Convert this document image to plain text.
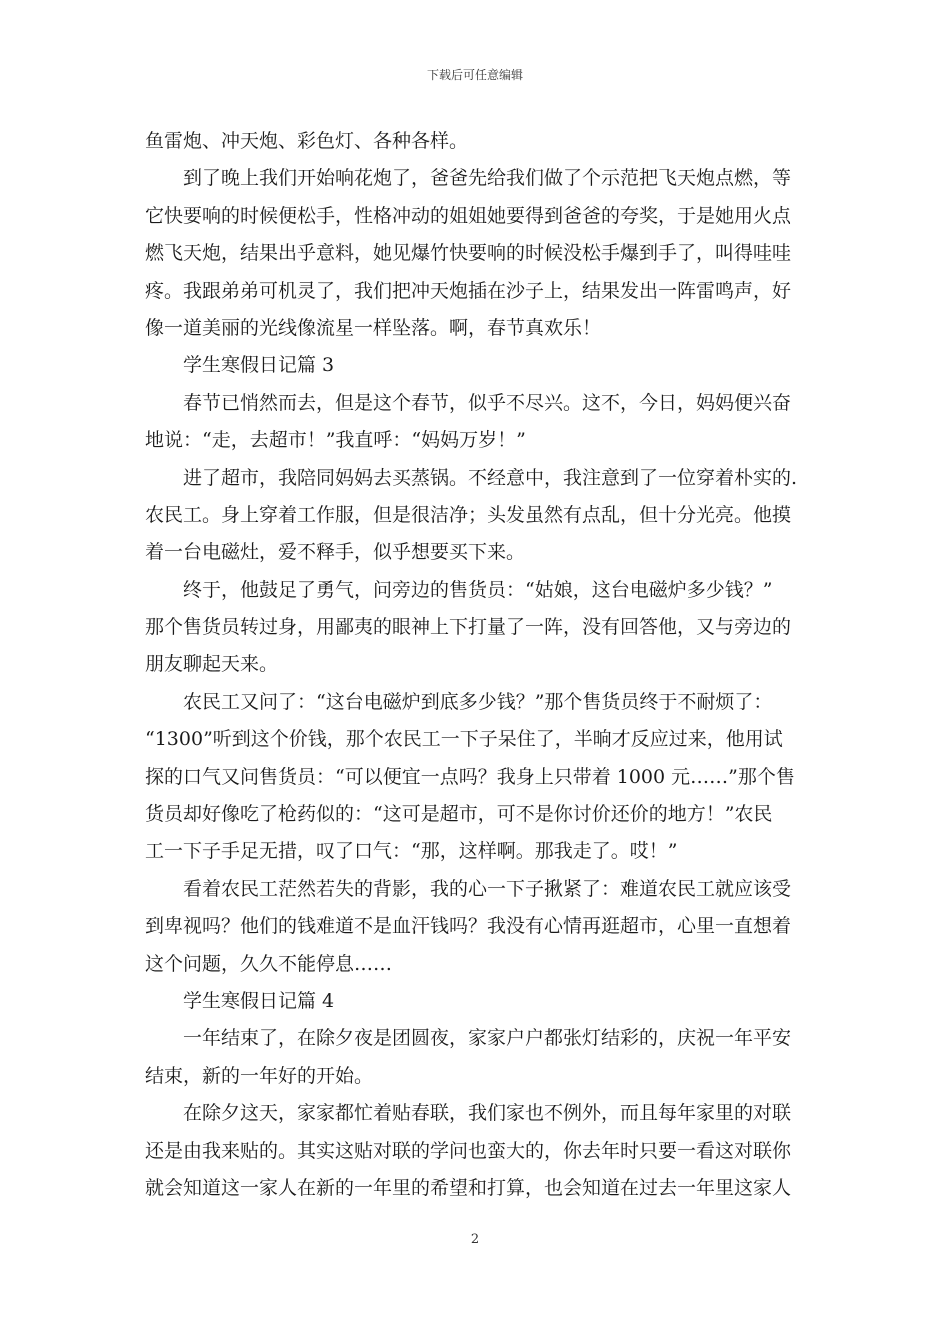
下载后可任意编辑
鱼雷炮、冲天炮、彩色灯、各种各样。
到了晚上我们开始响花炮了，爸爸先给我们做了个示范把飞天炮点燃，等
它快要响的时候便松手，性格冲动的姐姐她要得到爸爸的夸奖，于是她用火点
燃飞天炮，结果出乎意料，她见爆竹快要响的时候没松手爆到手了，叫得哇哇
疼。我跟弟弟可机灵了，我们把冲天炮插在沙子上，结果发出一阵雷鸣声，好
像一道美丽的光线像流星一样坠落。啊，春节真欢乐！
学生寒假日记篇 3
春节已悄然而去，但是这个春节，似乎不尽兴。这不，今日，妈妈便兴奋
地说：“走，去超市！”我直呼：“妈妈万岁！”
进了超市，我陪同妈妈去买蒸锅。不经意中，我注意到了一位穿着朴实的.
农民工。身上穿着工作服，但是很洁净；头发虽然有点乱，但十分光亮。他摸
着一台电磁灶，爱不释手，似乎想要买下来。
终于，他鼓足了勇气，问旁边的售货员：“姑娘，这台电磁炉多少钱？”
那个售货员转过身，用鄙夷的眼神上下打量了一阵，没有回答他，又与旁边的
朋友聊起天来。
农民工又问了：“这台电磁炉到底多少钱？”那个售货员终于不耐烦了：
“1300”听到这个价钱，那个农民工一下子呆住了，半晌才反应过来，他用试
探的口气又问售货员：“可以便宜一点吗？我身上只带着 1000 元……”那个售
货员却好像吃了枪药似的：“这可是超市，可不是你讨价还价的地方！”农民
工一下子手足无措，叹了口气：“那，这样啊。那我走了。哎！”
看着农民工茫然若失的背影，我的心一下子揪紧了：难道农民工就应该受
到卑视吗？他们的钱难道不是血汗钱吗？我没有心情再逛超市，心里一直想着
这个问题，久久不能停息……
学生寒假日记篇 4
一年结束了，在除夕夜是团圆夜，家家户户都张灯结彩的，庆祝一年平安
结束，新的一年好的开始。
在除夕这天，家家都忙着贴春联，我们家也不例外，而且每年家里的对联
还是由我来贴的。其实这贴对联的学问也蛮大的，你去年时只要一看这对联你
就会知道这一家人在新的一年里的希望和打算，也会知道在过去一年里这家人
2
